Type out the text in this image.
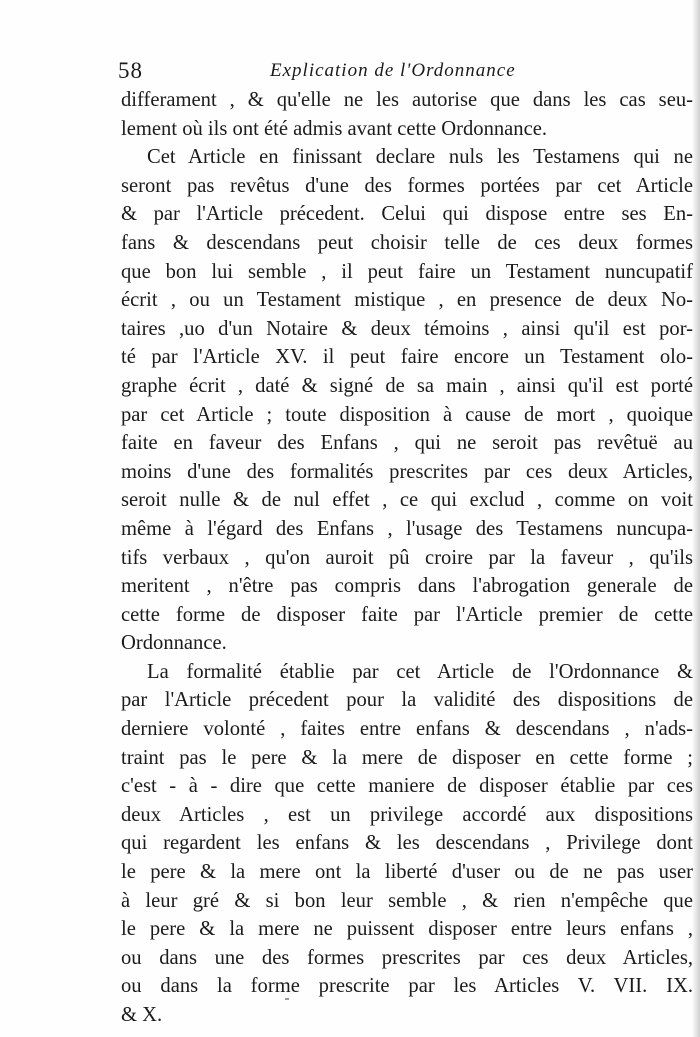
58	Explication de l'Ordonnance
differament , & qu'elle ne les autorise que dans les cas seu-
lement où ils ont été admis avant cette Ordonnance.
Cet Article en finissant declare nuls les Testamens qui ne
seront pas revêtus d'une des formes portées par cet Article
& par l'Article précedent. Celui qui dispose entre ses En-
fans & descendans peut choisir telle de ces deux formes
que bon lui semble , il peut faire un Testament nuncupatif
écrit , ou un Testament mistique , en presence de deux No-
taires ,uo d'un Notaire & deux témoins , ainsi qu'il est por-
té par l'Article XV. il peut faire encore un Testament olo-
graphe écrit , daté & signé de sa main , ainsi qu'il est porté
par cet Article ; toute disposition à cause de mort , quoique
faite en faveur des Enfans , qui ne seroit pas revêtuë au
moins d'une des formalités prescrites par ces deux Articles,
seroit nulle & de nul effet , ce qui exclud , comme on voit
même à l'égard des Enfans , l'usage des Testamens nuncupa-
tifs verbaux , qu'on auroit pû croire par la faveur , qu'ils
meritent , n'être pas compris dans l'abrogation generale de
cette forme de disposer faite par l'Article premier de cette
Ordonnance.
La formalité établie par cet Article de l'Ordonnance &
par l'Article précedent pour la validité des dispositions de
derniere volonté , faites entre enfans & descendans , n'ads-
traint pas le pere & la mere de disposer en cette forme ;
c'est - à - dire que cette maniere de disposer établie par ces
deux Articles , est un privilege accordé aux dispositions
qui regardent les enfans & les descendans , Privilege dont
le pere & la mere ont la liberté d'user ou de ne pas user
à leur gré & si bon leur semble , & rien n'empêche que
le pere & la mere ne puissent disposer entre leurs enfans ,
ou dans une des formes prescrites par ces deux Articles,
ou dans la forme prescrite par les Articles V. VII. IX.
& X.
